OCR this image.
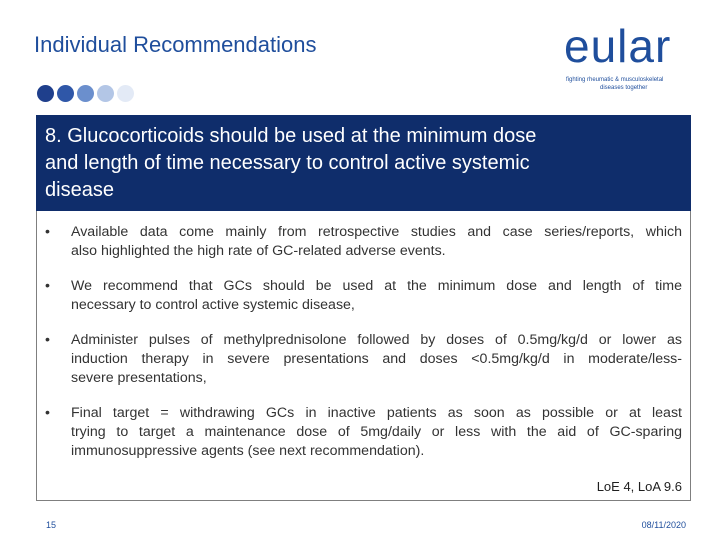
Individual Recommendations	eular
fighting rheumatic & musculoskeletal
diseases together
8. Glucocorticoids should be used at the minimum dose
and length of time necessary to control active systemic
disease
• Available data come mainly from retrospective studies and case series/reports, which
also highlighted the high rate of GC-related adverse events.
• We recommend that GCs should be used at the minimum dose and length of time
necessary to control active systemic disease,
• Administer pulses of methylprednisolone followed by doses of 0.5mg/kg/d or lower as
induction therapy in severe presentations and doses <0.5mg/kg/d in moderate/less-
severe presentations,
• Final target = withdrawing GCs in inactive patients as soon as possible or at least
trying to target a maintenance dose of 5mg/daily or less with the aid of GC-sparing
immunosuppressive agents (see next recommendation).
LoE 4, LoA 9.6
15	08/11/2020
